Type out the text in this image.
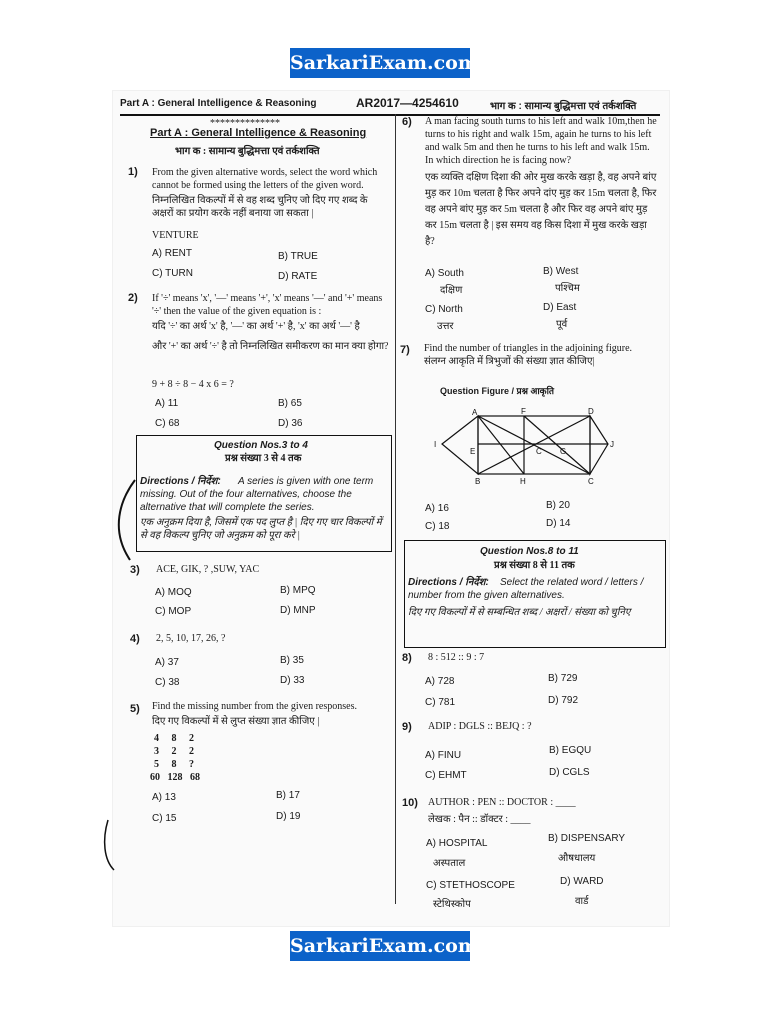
SarkariExam.com
Part A : General Intelligence & Reasoning	AR2017—4254610	भाग क : सामान्य बुद्धिमत्ता एवं तर्कशक्ति
**************
Part A : General Intelligence & Reasoning
भाग क : सामान्य बुद्धिमत्ता एवं तर्कशक्ति
1) From the given alternative words, select the word which cannot be formed using the letters of the given word.
निम्नलिखित विकल्पों में से वह शब्द चुनिए जो दिए गए शब्द के अक्षरों का प्रयोग करके नहीं बनाया जा सकता |
VENTURE
A) RENT	B) TRUE
C) TURN	D) RATE
2) If '÷' means 'x', '—' means '+', 'x' means '—' and '+' means '÷' then the value of the given equation is :
यदि '÷' का अर्थ 'x' है, '—' का अर्थ '+' है, 'x' का अर्थ '—' है
और '+' का अर्थ '÷' है तो निम्नलिखित समीकरण का मान क्या होगा?
9 + 8 ÷ 8 − 4 x 6 = ?
A) 11	B) 65
C) 68	D) 36
Question Nos.3 to 4
प्रश्न संख्या 3 से 4 तक
Directions / निर्देश:	A series is given with one term missing. Out of the four alternatives, choose the alternative that will complete the series.
एक अनुक्रम दिया है, जिसमें एक पद लुप्त है | दिए गए चार विकल्पों में से वह विकल्प चुनिए जो अनुक्रम को पूरा करे |
3) ACE, GIK, ? ,SUW, YAC
A) MOQ	B) MPQ
C) MOP	D) MNP
4) 2, 5, 10, 17, 26, ?
A) 37	B) 35
C) 38	D) 33
5) Find the missing number from the given responses.
दिए गए विकल्पों में से लुप्त संख्या ज्ञात कीजिए |
4     8     2
3     2     2
5     8     ?
60   128   68
A) 13	B) 17
C) 15	D) 19
6) A man facing south turns to his left and walk 10m,then he turns to his right and walk 15m, again he turns to his left and walk 5m and then he turns to his left and walk 15m. In which direction he is facing now?
एक व्यक्ति दक्षिण दिशा की ओर मुख करके खड़ा है, वह अपने बांए मुड़ कर 10m चलता है फिर अपने दांए मुड़ कर 15m चलता है, फिर वह अपने बांए मुड़ कर 5m चलता है और फिर वह अपने बांए मुड़ कर 15m चलता है | इस समय वह किस दिशा में मुख करके खड़ा है?
A) South
दक्षिण
B) West
पश्चिम
C) North
उत्तर
D) East
पूर्व
7) Find the number of triangles in the adjoining figure.
संलग्न आकृति में त्रिभुजों की संख्या ज्ञात कीजिए|
Question Figure / प्रश्न आकृति
A	F	D
I
E	C G
J
B	H	C
A) 16	B) 20
C) 18	D) 14
Question Nos.8 to 11
प्रश्न संख्या 8 से 11 तक
Directions / निर्देश:	Select the related word / letters / number from the given alternatives.
दिए गए विकल्पों में से सम्बन्धित शब्द / अक्षरों / संख्या को चुनिए
8) 8 : 512 :: 9 : 7
A) 728	B) 729
C) 781	D) 792
9) ADIP : DGLS :: BEJQ : ?
A) FINU	B) EGQU
C) EHMT	D) CGLS
10) AUTHOR : PEN :: DOCTOR : ____
लेखक : पैन :: डॉक्टर : ____
A) HOSPITAL
अस्पताल
B) DISPENSARY
औषधालय
C) STETHOSCOPE
स्टेथिस्कोप
D) WARD
वार्ड
SarkariExam.com
